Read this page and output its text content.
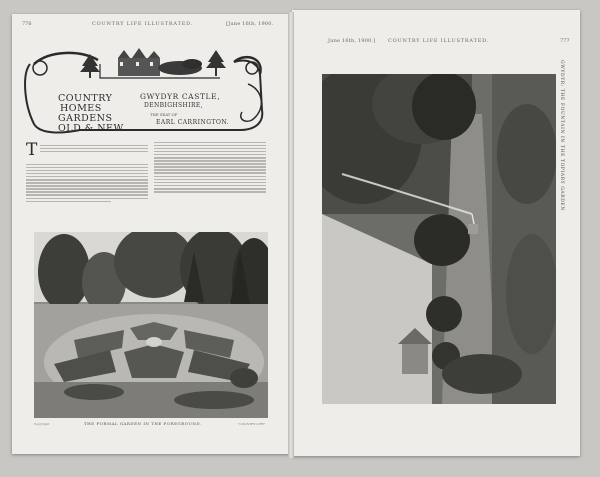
776	COUNTRY LIFE ILLUSTRATED.	[June 16th, 1900.
COUNTRY
HOMES
GARDENS
OLD & NEW
GWYDYR CASTLE,
DENBIGHSHIRE,
THE SEAT OF
EARL CARRINGTON.
T
Copyright	THE FORMAL GARDEN IN THE FOREGROUND.	"COUNTRY LIFE"
June 16th, 1900.]	COUNTRY LIFE ILLUSTRATED.	777
GWYDYR: THE FOUNTAIN IN THE TOPIARY GARDEN
